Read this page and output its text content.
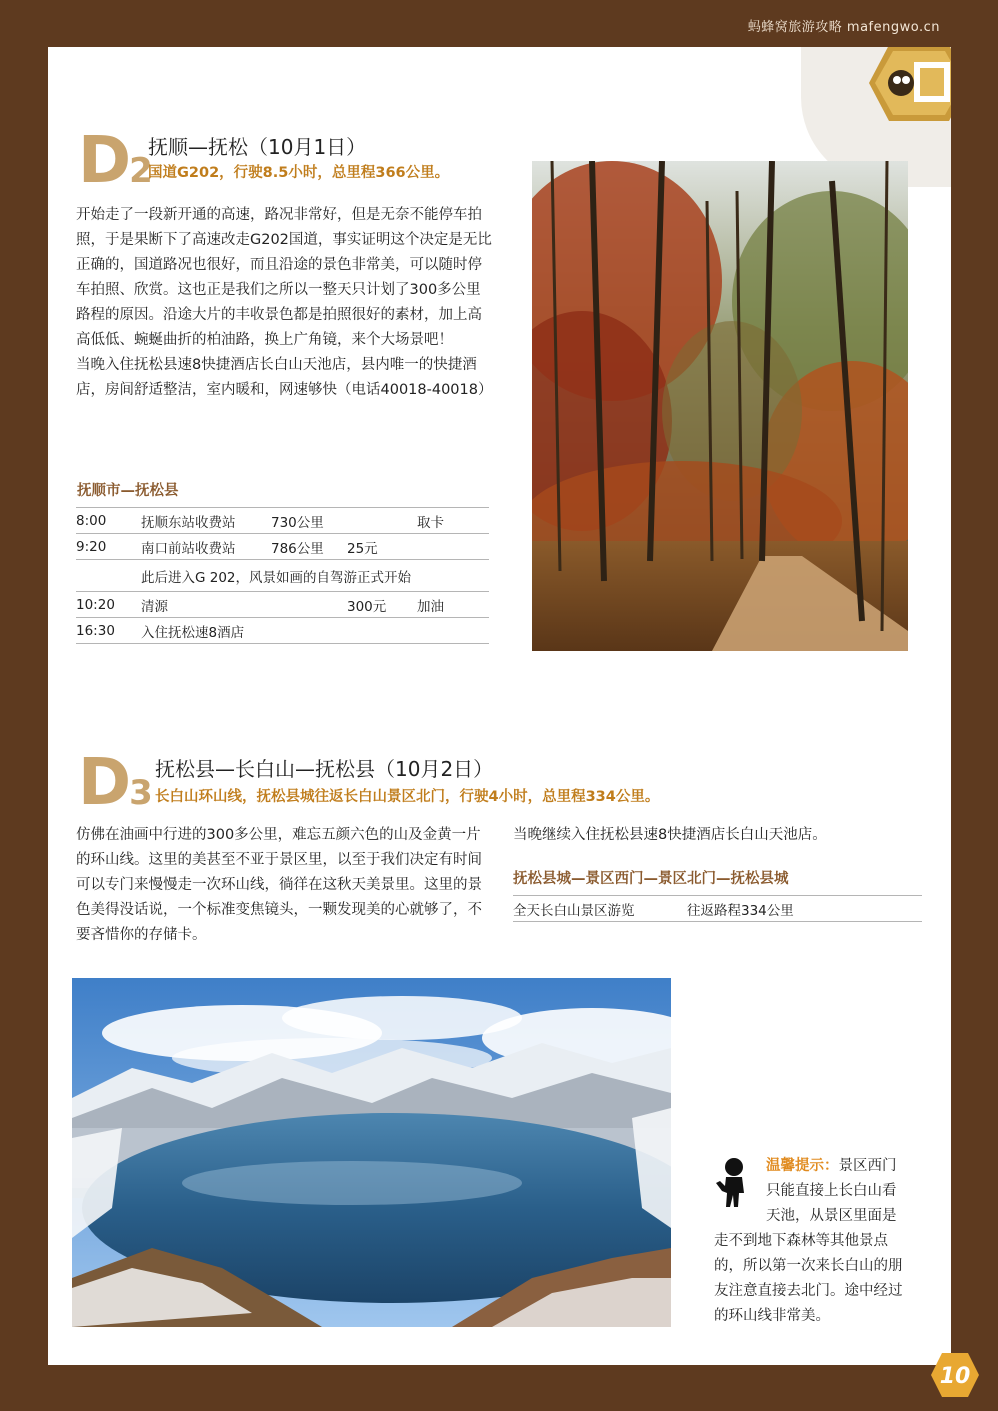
蚂蜂窝旅游攻略 mafengwo.cn
D2
抚顺—抚松（10月1日）
国道G202，行驶8.5小时，总里程366公里。

开始走了一段新开通的高速，路况非常好，但是无奈不能停车拍照，于是果断下了高速改走G202国道，事实证明这个决定是无比正确的，国道路况也很好，而且沿途的景色非常美，可以随时停车拍照、欣赏。这也正是我们之所以一整天只计划了300多公里路程的原因。沿途大片的丰收景色都是拍照很好的素材，加上高高低低、蜿蜒曲折的柏油路，换上广角镜，来个大场景吧！

当晚入住抚松县速8快捷酒店长白山天池店，县内唯一的快捷酒店，房间舒适整洁，室内暖和，网速够快（电话40018-40018）

抚顺市—抚松县
8:00	抚顺东站收费站	730公里		取卡
9:20	南口前站收费站	786公里	25元	
	此后进入G 202，风景如画的自驾游正式开始			
10:20	清源		300元	加油
16:30	入住抚松速8酒店			
D3
抚松县—长白山—抚松县（10月2日）
长白山环山线，抚松县城往返长白山景区北门，行驶4小时，总里程334公里。

仿佛在油画中行进的300多公里，难忘五颜六色的山及金黄一片的环山线。这里的美甚至不亚于景区里，以至于我们决定有时间可以专门来慢慢走一次环山线，徜徉在这秋天美景里。这里的景色美得没话说，一个标准变焦镜头，一颗发现美的心就够了，不要吝惜你的存储卡。

当晚继续入住抚松县速8快捷酒店长白山天池店。
抚松县城—景区西门—景区北门—抚松县城
全天长白山景区游览	往返路程334公里
温馨提示：景区西门
只能直接上长白山看
天池，从景区里面是
走不到地下森林等其他景点
的，所以第一次来长白山的朋
友注意直接去北门。途中经过
的环山线非常美。
10
